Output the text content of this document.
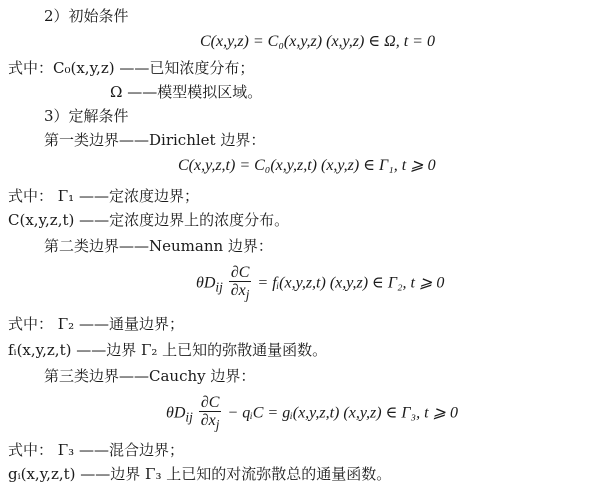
2）初始条件
C(x,y,z) = C₀(x,y,z) (x,y,z) ∈ Ω, t = 0
式中：C₀(x,y,z) ——已知浓度分布；
Ω ——模型模拟区域。
3）定解条件
第一类边界——Dirichlet 边界：
C(x,y,z,t) = C₀(x,y,z,t) (x,y,z) ∈ Γ₁, t ⩾ 0
式中： Γ₁ ——定浓度边界；
C(x,y,z,t) ——定浓度边界上的浓度分布。
第二类边界——Neumann 边界：
$\theta D_{ij} \frac{\partial C}{\partial x_j}$ = fᵢ(x,y,z,t) (x,y,z) ∈ Γ₂, t ⩾ 0
式中： Γ₂ ——通量边界；
fᵢ(x,y,z,t) ——边界 Γ₂ 上已知的弥散通量函数。
第三类边界——Cauchy 边界：
$\theta D_{ij} \frac{\partial C}{\partial x_j}$ − qᵢC = gᵢ(x,y,z,t) (x,y,z) ∈ Γ₃, t ⩾ 0
式中： Γ₃ ——混合边界；
gᵢ(x,y,z,t) ——边界 Γ₃ 上已知的对流弥散总的通量函数。
